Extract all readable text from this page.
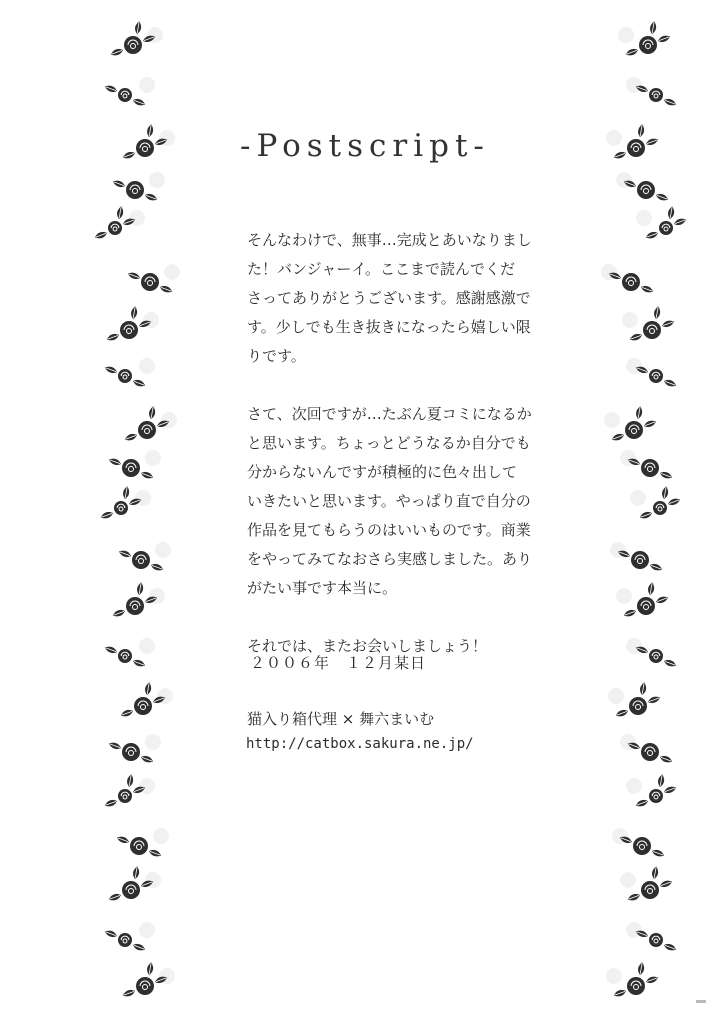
-Postscript-

そんなわけで、無事…完成とあいなりまし

た！バンジャーイ。ここまで読んでくだ

さってありがとうございます。感謝感激で

す。少しでも生き抜きになったら嬉しい限

りです。

さて、次回ですが…たぶん夏コミになるか

と思います。ちょっとどうなるか自分でも

分からないんですが積極的に色々出して

いきたいと思います。やっぱり直で自分の

作品を見てもらうのはいいものです。商業

をやってみてなおさら実感しました。あり

がたい事です本当に。

それでは、またお会いしましょう！

２００６年　１２月某日
猫入り箱代理 × 舞六まいむ
http://catbox.sakura.ne.jp/
